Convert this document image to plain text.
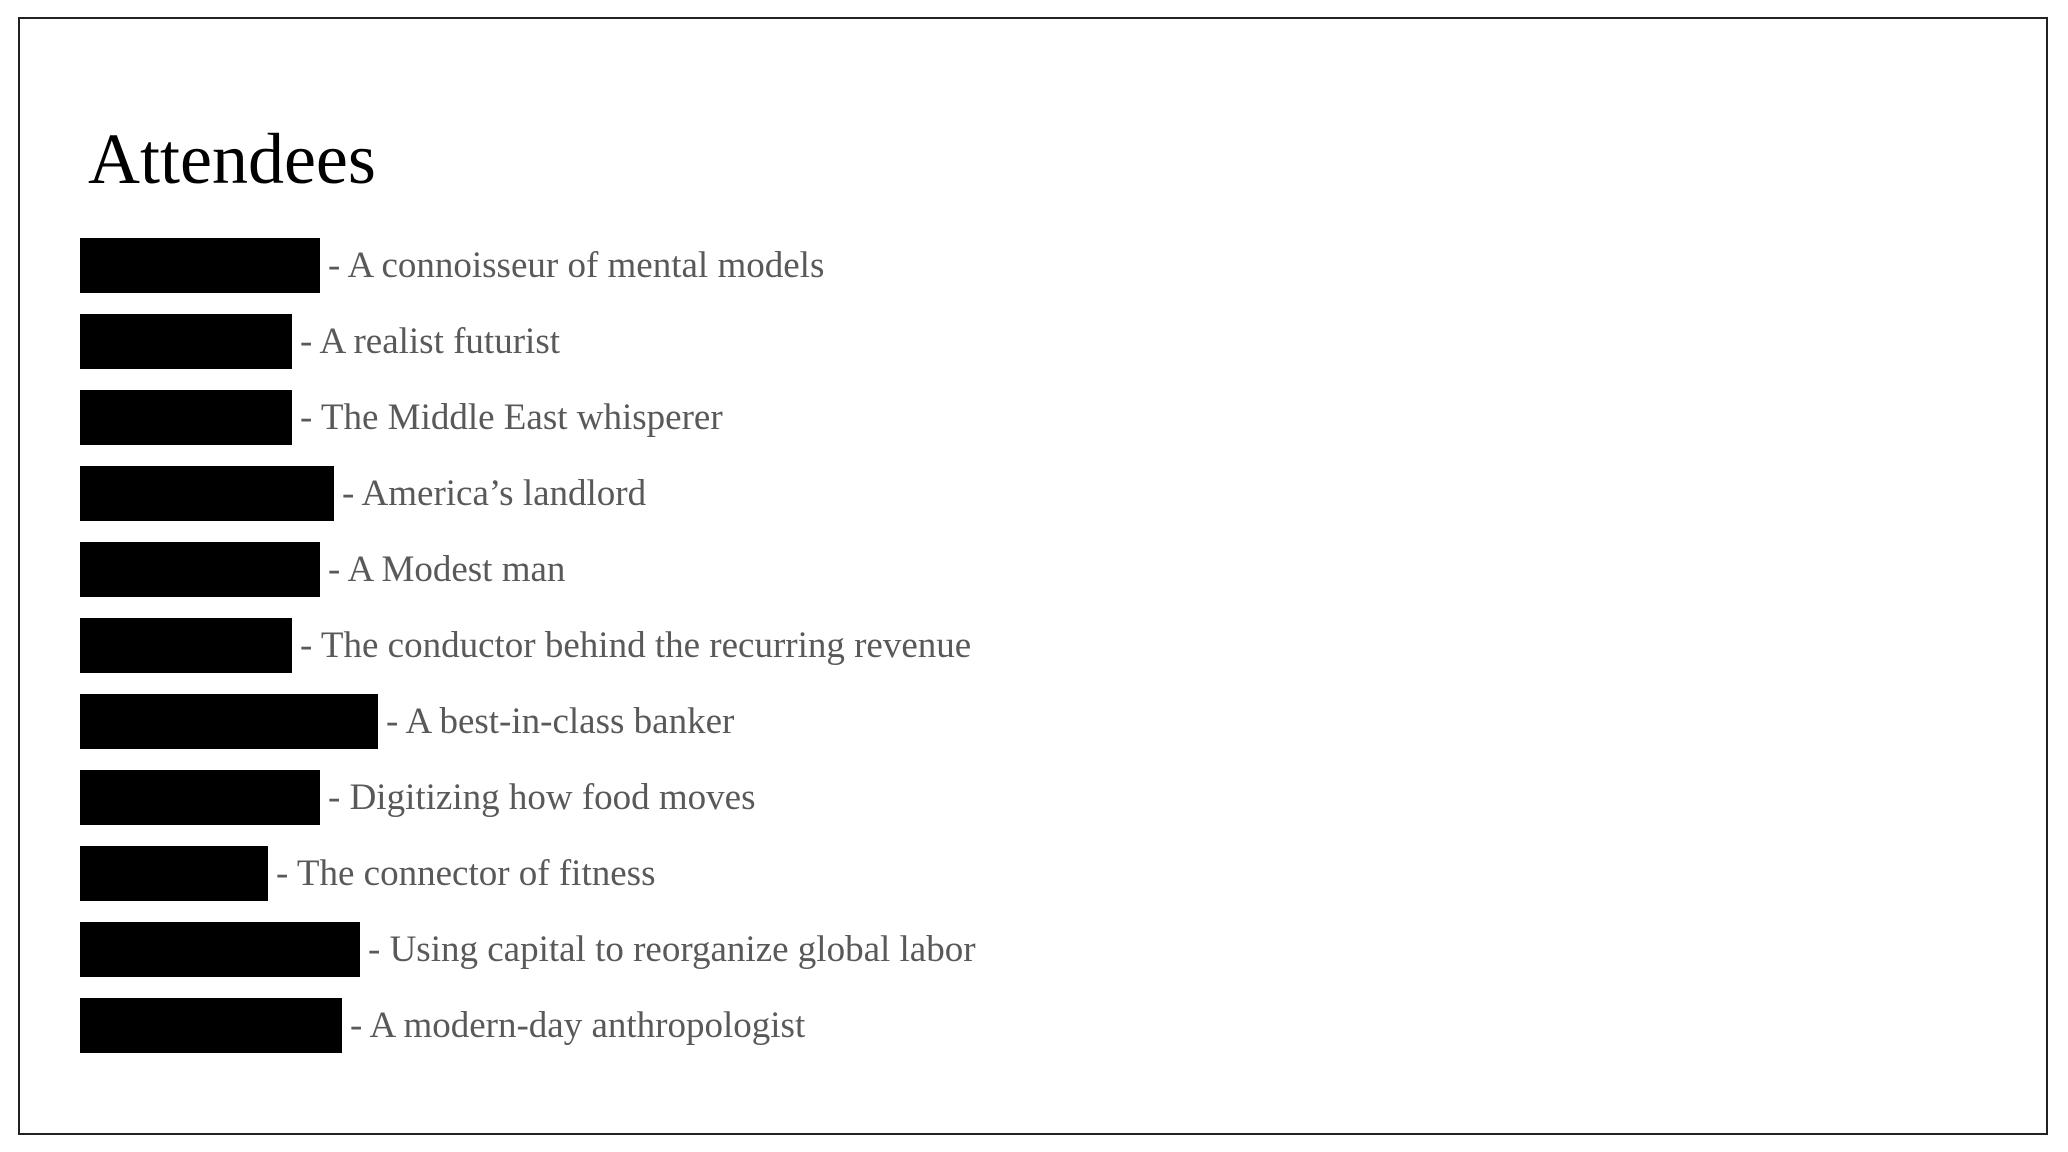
Attendees
- A connoisseur of mental models
- A realist futurist
- The Middle East whisperer
- America’s landlord
- A Modest man
- The conductor behind the recurring revenue
- A best-in-class banker
- Digitizing how food moves
- The connector of fitness
- Using capital to reorganize global labor
- A modern-day anthropologist
